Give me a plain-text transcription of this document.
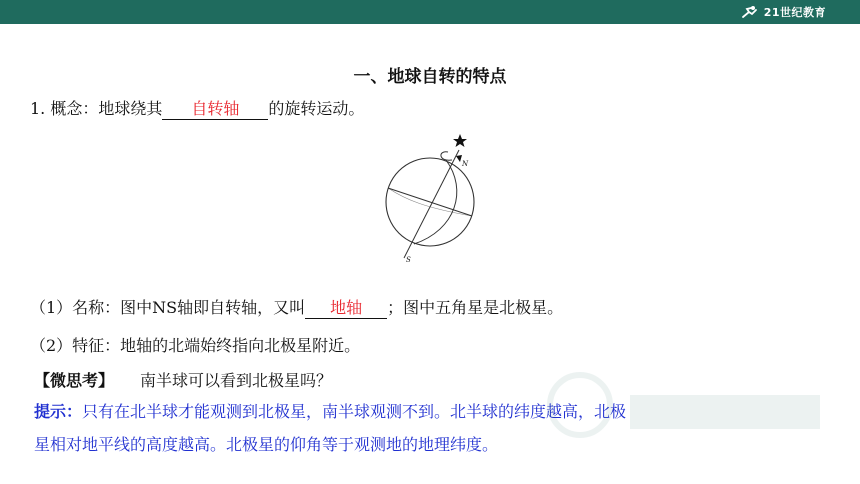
21世纪教育
一、地球自转的特点
1. 概念：地球绕其 自转轴 的旋转运动。
N
S
（1）名称：图中NS轴即自转轴，又叫 地轴 ；图中五角星是北极星。
（2）特征：地轴的北端始终指向北极星附近。
【微思考】 南半球可以看到北极星吗？
提示：只有在北半球才能观测到北极星，南半球观测不到。北半球的纬度越高，北极
星相对地平线的高度越高。北极星的仰角等于观测地的地理纬度。
